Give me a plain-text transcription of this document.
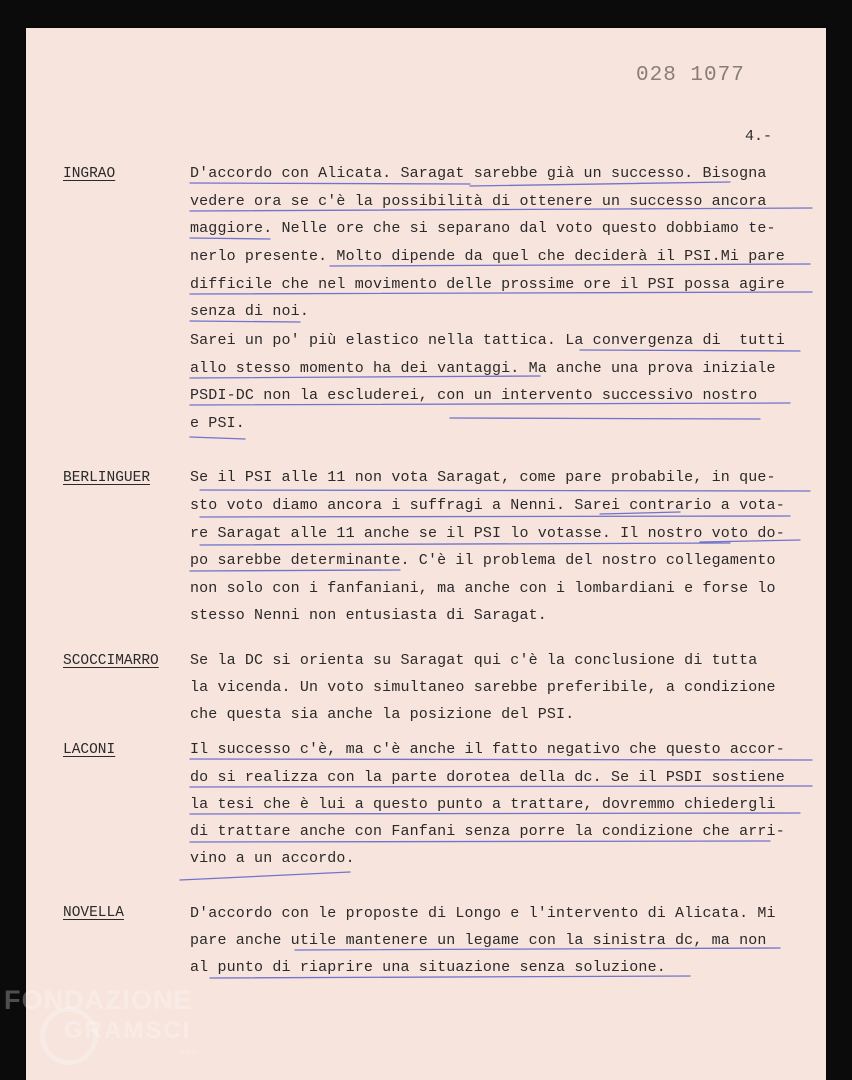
028 1077
4.-
INGRAO	D'accordo con Alicata. Saragat sarebbe già un successo. Bisogna
vedere ora se c'è la possibilità di ottenere un successo ancora
maggiore. Nelle ore che si separano dal voto questo dobbiamo te-
nerlo presente. Molto dipende da quel che deciderà il PSI.Mi pare
difficile che nel movimento delle prossime ore il PSI possa agire
senza di noi.
Sarei un po' più elastico nella tattica. La convergenza di  tutti
allo stesso momento ha dei vantaggi. Ma anche una prova iniziale
PSDI-DC non la escluderei, con un intervento successivo nostro
e PSI.
BERLINGUER	Se il PSI alle 11 non vota Saragat, come pare probabile, in que-
sto voto diamo ancora i suffragi a Nenni. Sarei contrario a vota-
re Saragat alle 11 anche se il PSI lo votasse. Il nostro voto do-
po sarebbe determinante. C'è il problema del nostro collegamento
non solo con i fanfaniani, ma anche con i lombardiani e forse lo
stesso Nenni non entusiasta di Saragat.
SCOCCIMARRO Se la DC si orienta su Saragat qui c'è la conclusione di tutta
la vicenda. Un voto simultaneo sarebbe preferibile, a condizione
che questa sia anche la posizione del PSI.
LACONI	Il successo c'è, ma c'è anche il fatto negativo che questo accor-
do si realizza con la parte dorotea della dc. Se il PSDI sostiene
la tesi che è lui a questo punto a trattare, dovremmo chiedergli
di trattare anche con Fanfani senza porre la condizione che arri-
vino a un accordo.
NOVELLA	D'accordo con le proposte di Longo e l'intervento di Alicata. Mi
pare anche utile mantenere un legame con la sinistra dc, ma non
al punto di riaprire una situazione senza soluzione.
FONDAZIONE
GRAMSCI
onlus
